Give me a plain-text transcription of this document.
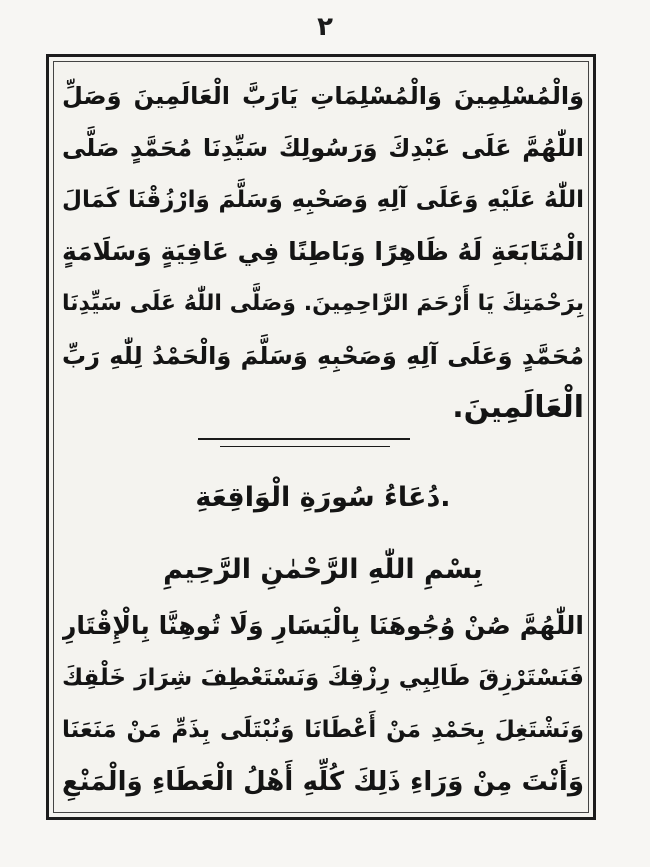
٢
وَالْمُسْلِمِينَ وَالْمُسْلِمَاتِ يَارَبَّ الْعَالَمِينَ وَصَلِّ
اللّٰهُمَّ عَلَى عَبْدِكَ وَرَسُولِكَ سَيِّدِنَا مُحَمَّدٍ صَلَّى
اللّٰهُ عَلَيْهِ وَعَلَى آلِهِ وَصَحْبِهِ وَسَلَّمَ وَارْزُقْنَا كَمَالَ
الْمُتَابَعَةِ لَهُ ظَاهِرًا وَبَاطِنًا فِي عَافِيَةٍ وَسَلَامَةٍ
بِرَحْمَتِكَ يَا أَرْحَمَ الرَّاحِمِينَ. وَصَلَّى اللّٰهُ عَلَى سَيِّدِنَا
مُحَمَّدٍ وَعَلَى آلِهِ وَصَحْبِهِ وَسَلَّمَ وَالْحَمْدُ لِلّٰهِ رَبِّ
الْعَالَمِينَ.
.دُعَاءُ سُورَةِ الْوَاقِعَةِ
بِسْمِ اللّٰهِ الرَّحْمٰنِ الرَّحِيمِ
اللّٰهُمَّ صُنْ وُجُوهَنَا بِالْيَسَارِ وَلَا تُوهِنَّا بِالْإِقْتَارِ
فَنَسْتَرْزِقَ طَالِبِي رِزْقِكَ وَنَسْتَعْطِفَ شِرَارَ خَلْقِكَ
وَنَشْتَغِلَ بِحَمْدِ مَنْ أَعْطَانَا وَنُبْتَلَى بِذَمِّ مَنْ مَنَعَنَا
وَأَنْتَ مِنْ وَرَاءِ ذَلِكَ كُلِّهِ أَهْلُ الْعَطَاءِ وَالْمَنْعِ
